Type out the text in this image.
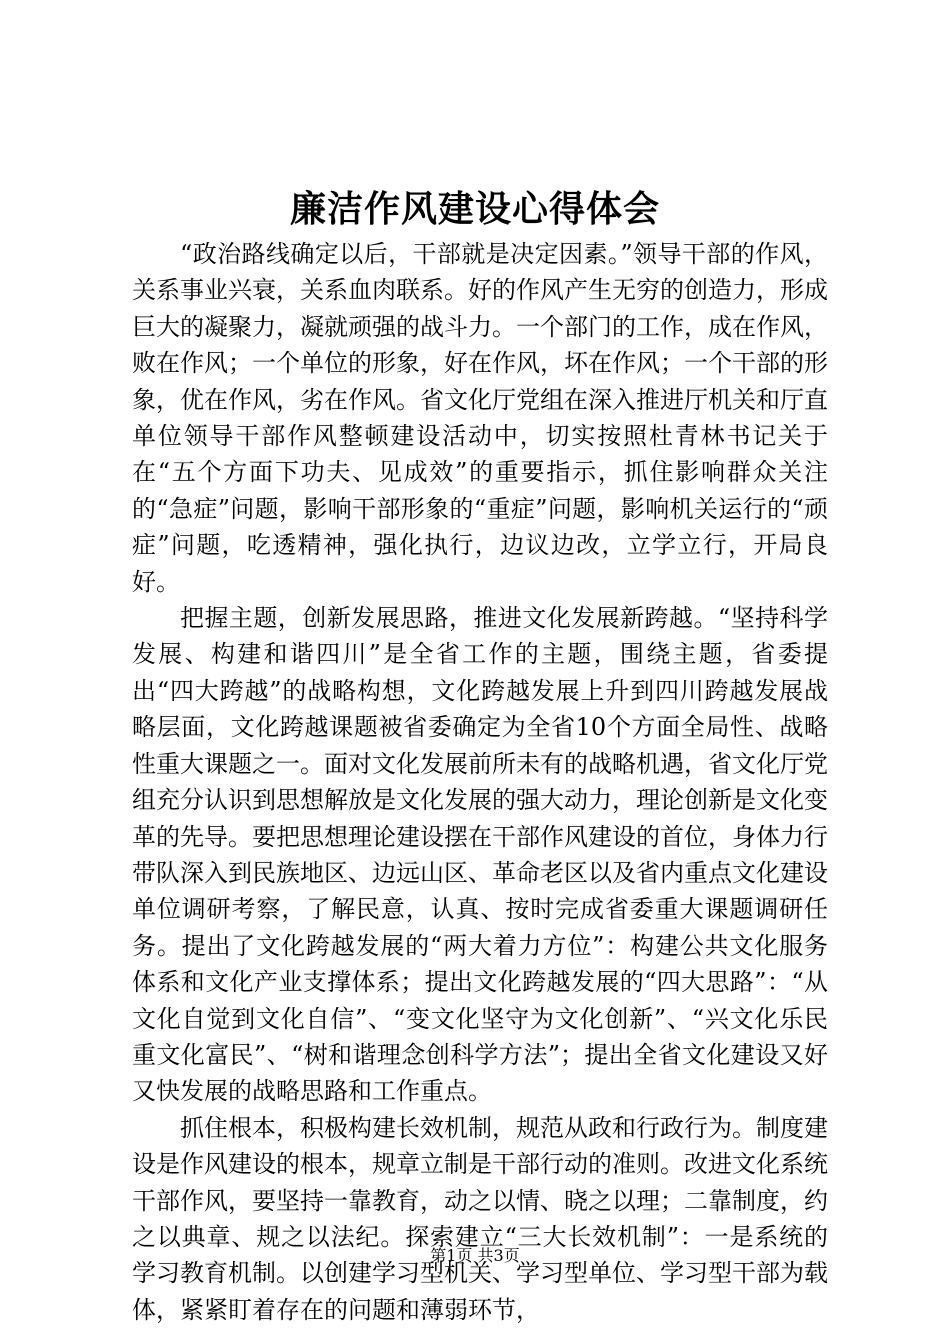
廉洁作风建设心得体会

“政治路线确定以后，干部就是决定因素。”领导干部的作风，关系事业兴衰，关系血肉联系。好的作风产生无穷的创造力，形成巨大的凝聚力，凝就顽强的战斗力。一个部门的工作，成在作风，败在作风；一个单位的形象，好在作风，坏在作风；一个干部的形象，优在作风，劣在作风。省文化厅党组在深入推进厅机关和厅直单位领导干部作风整顿建设活动中，切实按照杜青林书记关于在“五个方面下功夫、见成效”的重要指示，抓住影响群众关注的“急症”问题，影响干部形象的“重症”问题，影响机关运行的“顽症”问题，吃透精神，强化执行，边议边改，立学立行，开局良好。

把握主题，创新发展思路，推进文化发展新跨越。“坚持科学发展、构建和谐四川”是全省工作的主题，围绕主题，省委提出“四大跨越”的战略构想，文化跨越发展上升到四川跨越发展战略层面，文化跨越课题被省委确定为全省10个方面全局性、战略性重大课题之一。面对文化发展前所未有的战略机遇，省文化厅党组充分认识到思想解放是文化发展的强大动力，理论创新是文化变革的先导。要把思想理论建设摆在干部作风建设的首位，身体力行带队深入到民族地区、边远山区、革命老区以及省内重点文化建设单位调研考察，了解民意，认真、按时完成省委重大课题调研任务。提出了文化跨越发展的“两大着力方位”：构建公共文化服务体系和文化产业支撑体系；提出文化跨越发展的“四大思路”：“从文化自觉到文化自信”、“变文化坚守为文化创新”、“兴文化乐民重文化富民”、“树和谐理念创科学方法”；提出全省文化建设又好又快发展的战略思路和工作重点。

抓住根本，积极构建长效机制，规范从政和行政行为。制度建设是作风建设的根本，规章立制是干部行动的准则。改进文化系统干部作风，要坚持一靠教育，动之以情、晓之以理；二靠制度，约之以典章、规之以法纪。探索建立“三大长效机制”：一是系统的学习教育机制。以创建学习型机关、学习型单位、学习型干部为载体，紧紧盯着存在的问题和薄弱环节，

第1页 共3页
